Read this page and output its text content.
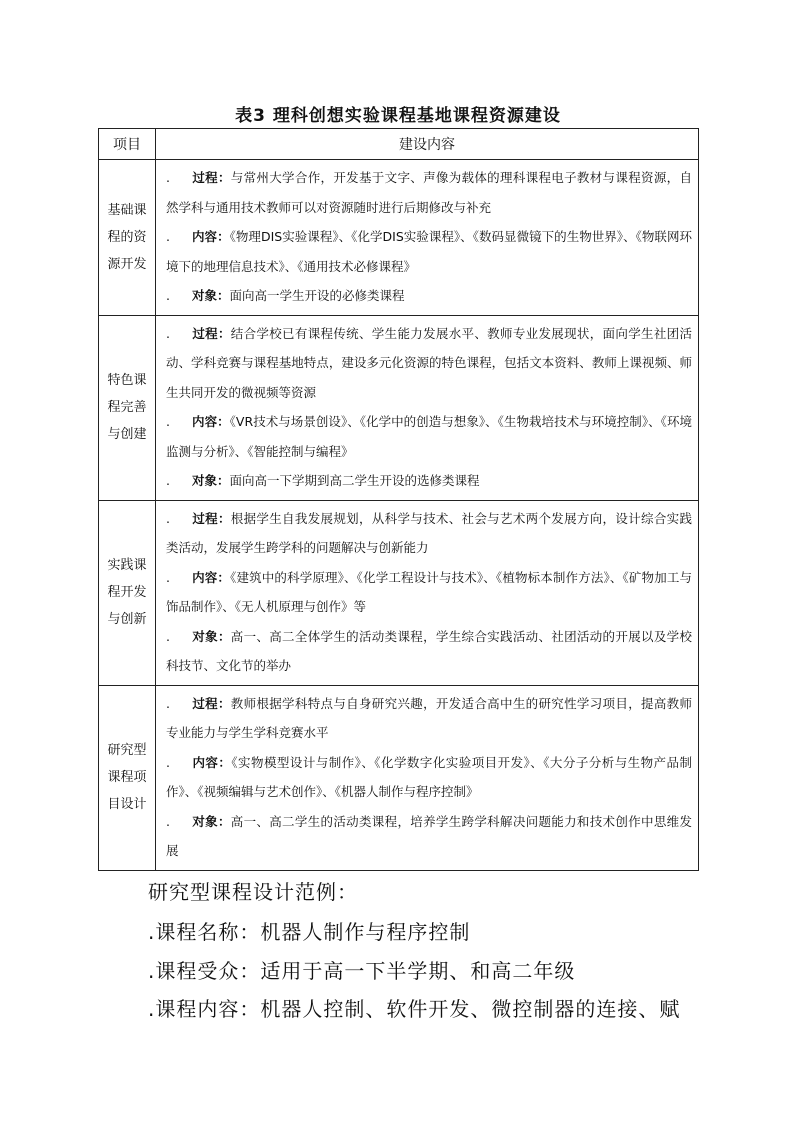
表3 理科创想实验课程基地课程资源建设
项目	建设内容
基础课程的资源开发	. 过程：与常州大学合作，开发基于文字、声像为载体的理科课程电子教材与课程资源，自然学科与通用技术教师可以对资源随时进行后期修改与补充
. 内容：《物理DIS实验课程》、《化学DIS实验课程》、《数码显微镜下的生物世界》、《物联网环境下的地理信息技术》、《通用技术必修课程》
. 对象：面向高一学生开设的必修类课程

特色课程完善与创建	. 过程：结合学校已有课程传统、学生能力发展水平、教师专业发展现状，面向学生社团活动、学科竞赛与课程基地特点，建设多元化资源的特色课程，包括文本资料、教师上课视频、师生共同开发的微视频等资源
. 内容：《VR技术与场景创设》、《化学中的创造与想象》、《生物栽培技术与环境控制》、《环境监测与分析》、《智能控制与编程》
. 对象：面向高一下学期到高二学生开设的选修类课程

实践课程开发与创新	. 过程：根据学生自我发展规划，从科学与技术、社会与艺术两个发展方向，设计综合实践类活动，发展学生跨学科的问题解决与创新能力
. 内容：《建筑中的科学原理》、《化学工程设计与技术》、《植物标本制作方法》、《矿物加工与饰品制作》、《无人机原理与创作》等
. 对象：高一、高二全体学生的活动类课程，学生综合实践活动、社团活动的开展以及学校科技节、文化节的举办

研究型课程项目设计	. 过程：教师根据学科特点与自身研究兴趣，开发适合高中生的研究性学习项目，提高教师专业能力与学生学科竞赛水平
. 内容：《实物模型设计与制作》、《化学数字化实验项目开发》、《大分子分析与生物产品制作》、《视频编辑与艺术创作》、《机器人制作与程序控制》
. 对象：高一、高二学生的活动类课程，培养学生跨学科解决问题能力和技术创作中思维发展
研究型课程设计范例：
.课程名称：机器人制作与程序控制
.课程受众：适用于高一下半学期、和高二年级
.课程内容：机器人控制、软件开发、微控制器的连接、赋
